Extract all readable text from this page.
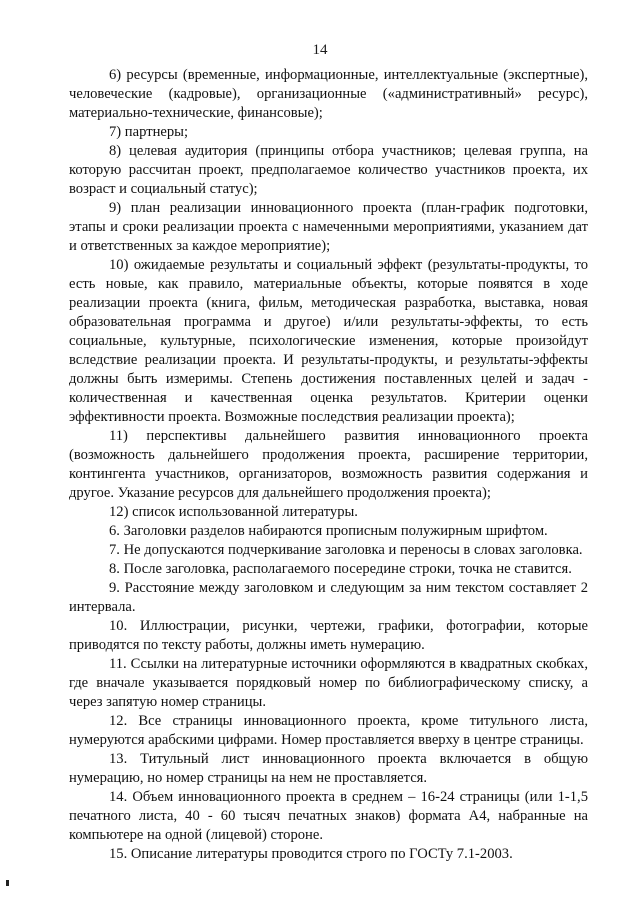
14

6) ресурсы (временные, информационные, интеллектуальные (экспертные), человеческие (кадровые), организационные («административный» ресурс), материально-технические, финансовые);

7) партнеры;

8) целевая аудитория (принципы отбора участников; целевая группа, на которую рассчитан проект, предполагаемое количество участников проекта, их возраст и социальный статус);

9) план реализации инновационного проекта (план-график подготовки, этапы и сроки реализации проекта с намеченными мероприятиями, указанием дат и ответственных за каждое мероприятие);

10) ожидаемые результаты и социальный эффект (результаты-продукты, то есть новые, как правило, материальные объекты, которые появятся в ходе реализации проекта (книга, фильм, методическая разработка, выставка, новая образовательная программа и другое) и/или результаты-эффекты, то есть социальные, культурные, психологические изменения, которые произойдут вследствие реализации проекта. И результаты-продукты, и результаты-эффекты должны быть измеримы. Степень достижения поставленных целей и задач - количественная и качественная оценка результатов. Критерии оценки эффективности проекта. Возможные последствия реализации проекта);

11) перспективы дальнейшего развития инновационного проекта (возможность дальнейшего продолжения проекта, расширение территории, контингента участников, организаторов, возможность развития содержания и другое. Указание ресурсов для дальнейшего продолжения проекта);

12) список использованной литературы.

6. Заголовки разделов набираются прописным полужирным шрифтом.

7. Не допускаются подчеркивание заголовка и переносы в словах заголовка.

8. После заголовка, располагаемого посередине строки, точка не ставится.

9. Расстояние между заголовком и следующим за ним текстом составляет 2 интервала.

10. Иллюстрации, рисунки, чертежи, графики, фотографии, которые приводятся по тексту работы, должны иметь нумерацию.

11. Ссылки на литературные источники оформляются в квадратных скобках, где вначале указывается порядковый номер по библиографическому списку, а через запятую номер страницы.

12. Все страницы инновационного проекта, кроме титульного листа, нумеруются арабскими цифрами. Номер проставляется вверху в центре страницы.

13. Титульный лист инновационного проекта включается в общую нумерацию, но номер страницы на нем не проставляется.

14. Объем инновационного проекта в среднем – 16-24 страницы (или 1-1,5 печатного листа, 40 - 60 тысяч печатных знаков) формата А4, набранные на компьютере на одной (лицевой) стороне.

15. Описание литературы проводится строго по ГОСТу 7.1-2003.
